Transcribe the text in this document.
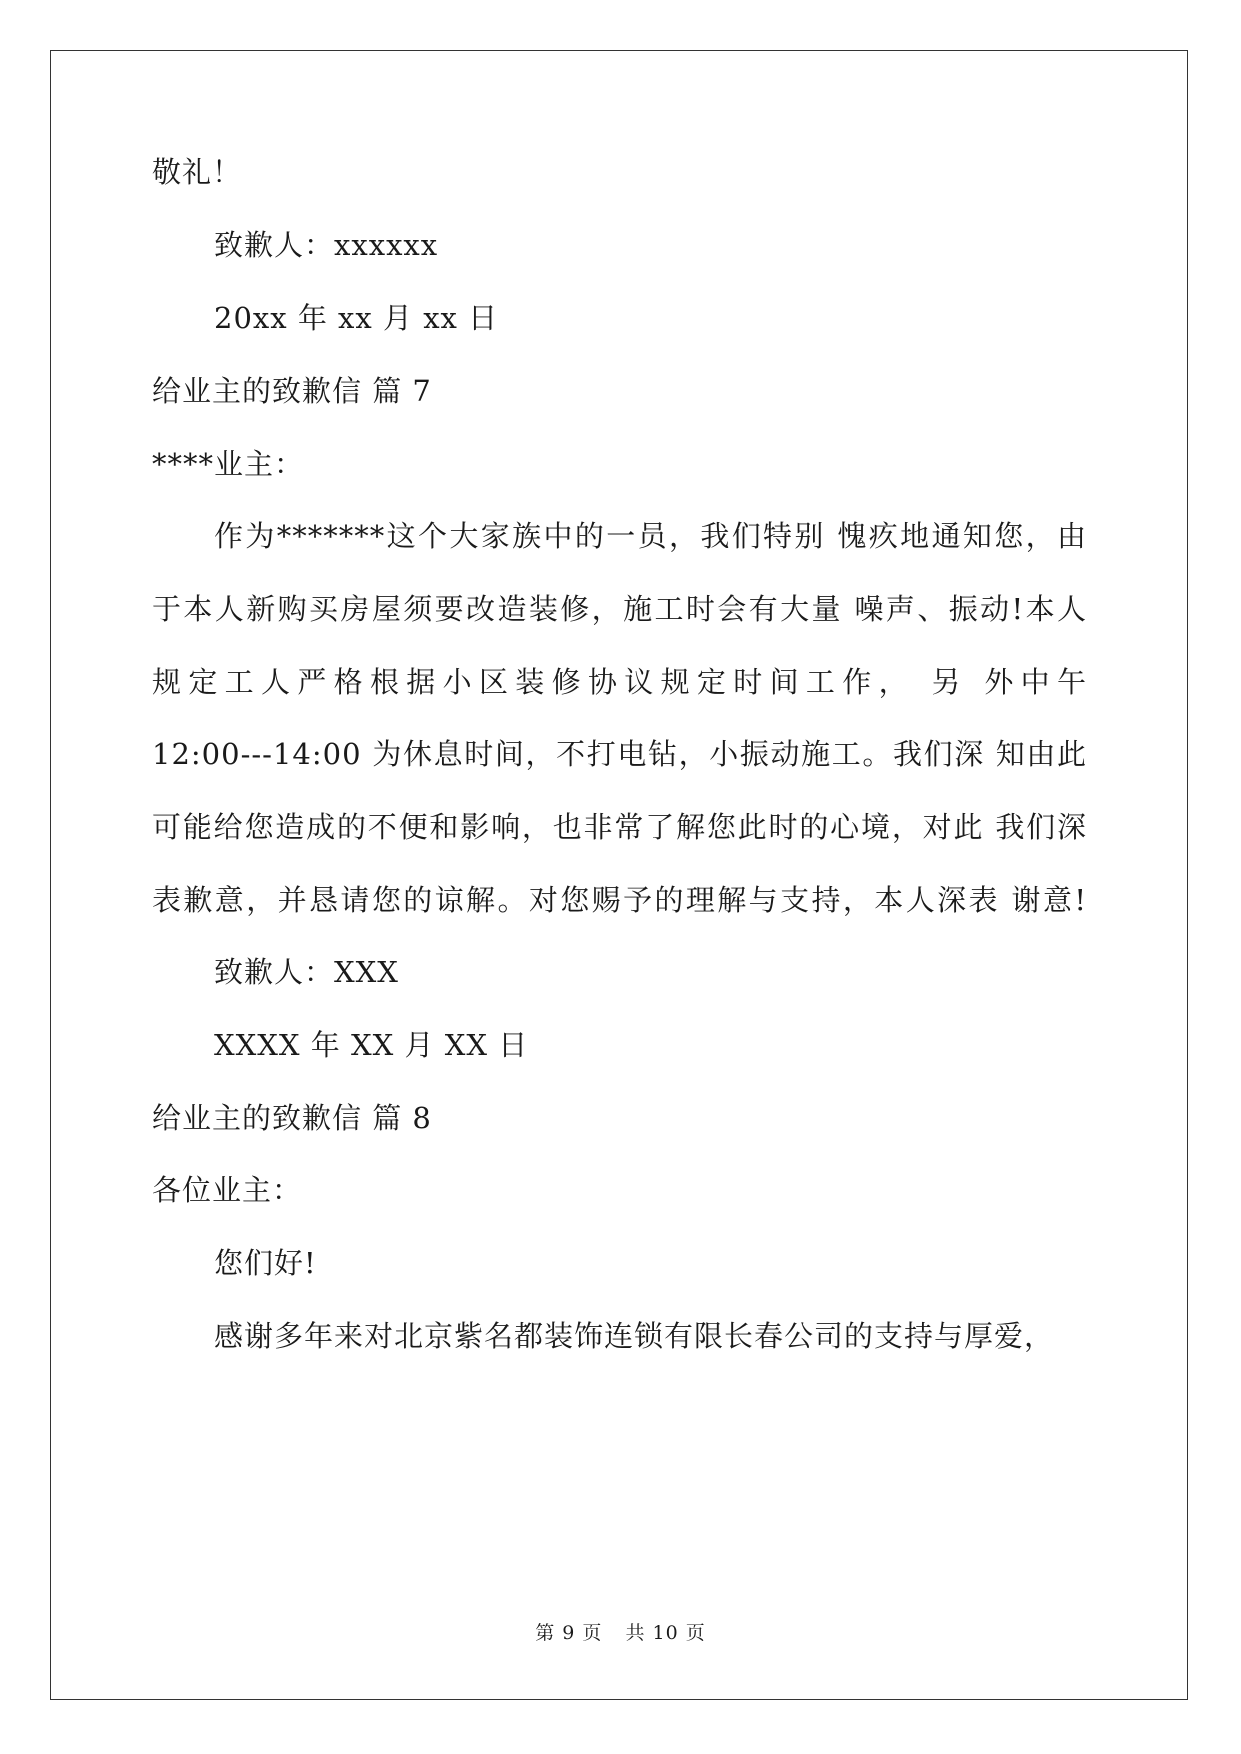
敬礼！
致歉人：xxxxxx
20xx 年 xx 月 xx 日
给业主的致歉信 篇 7
****业主：
作为*******这个大家族中的一员，我们特别 愧疚地通知您，由
于本人新购买房屋须要改造装修，施工时会有大量 噪声、振动!本人
规定工人严格根据小区装修协议规定时间工作， 另 外中午
12:00---14:00 为休息时间，不打电钻，小振动施工。我们深 知由此
可能给您造成的不便和影响，也非常了解您此时的心境，对此 我们深
表歉意，并恳请您的谅解。对您赐予的理解与支持，本人深表 谢意!
致歉人：XXX
XXXX 年 XX 月 XX 日
给业主的致歉信 篇 8
各位业主：
您们好!
感谢多年来对北京紫名都装饰连锁有限长春公司的支持与厚爱，
第 9 页 共 10 页
